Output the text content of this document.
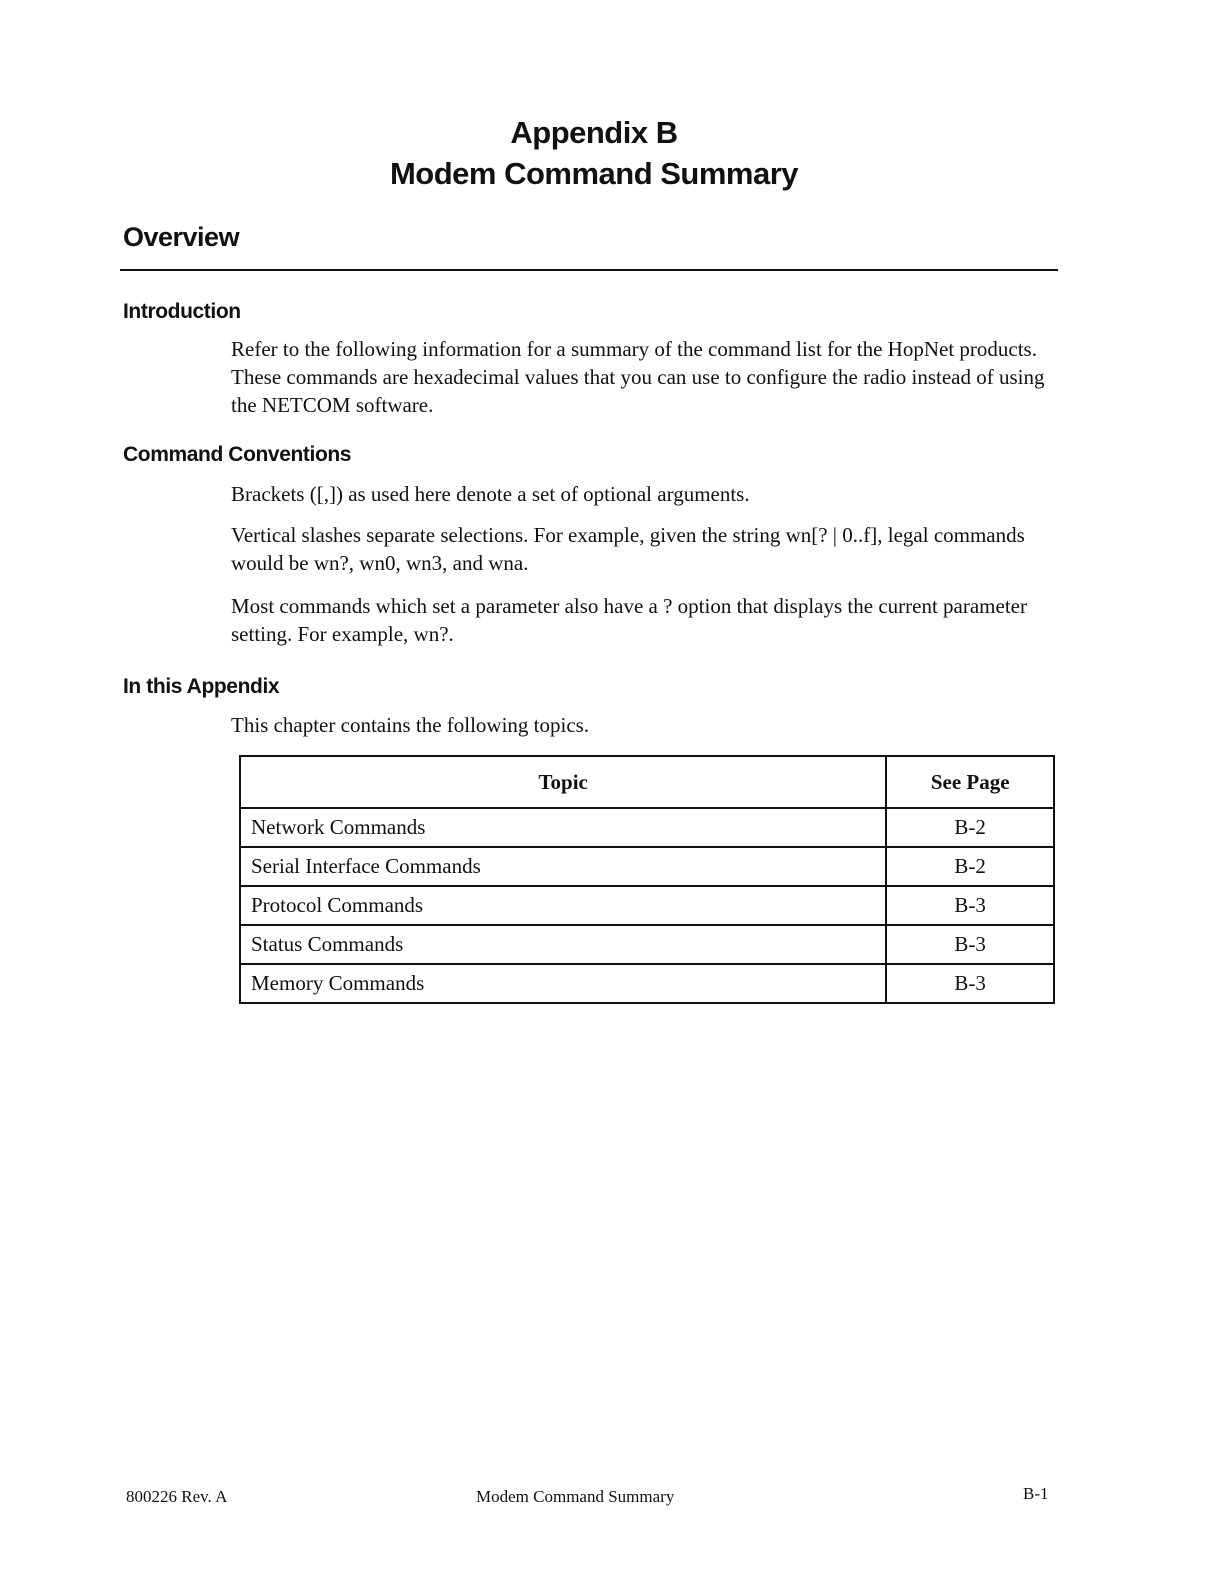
Appendix B
Modem Command Summary
Overview
Introduction

Refer to the following information for a summary of the command list for the HopNet products. These commands are hexadecimal values that you can use to configure the radio instead of using the NETCOM software.

Command Conventions

Brackets ([,]) as used here denote a set of optional arguments.

Vertical slashes separate selections. For example, given the string wn[? | 0..f], legal commands would be wn?, wn0, wn3, and wna.

Most commands which set a parameter also have a ? option that displays the current parameter setting. For example, wn?.

In this Appendix

This chapter contains the following topics.

Topic	See Page
Network Commands	B-2
Serial Interface Commands	B-2
Protocol Commands	B-3
Status Commands	B-3
Memory Commands	B-3

800226 Rev. A	Modem Command Summary	B-1
